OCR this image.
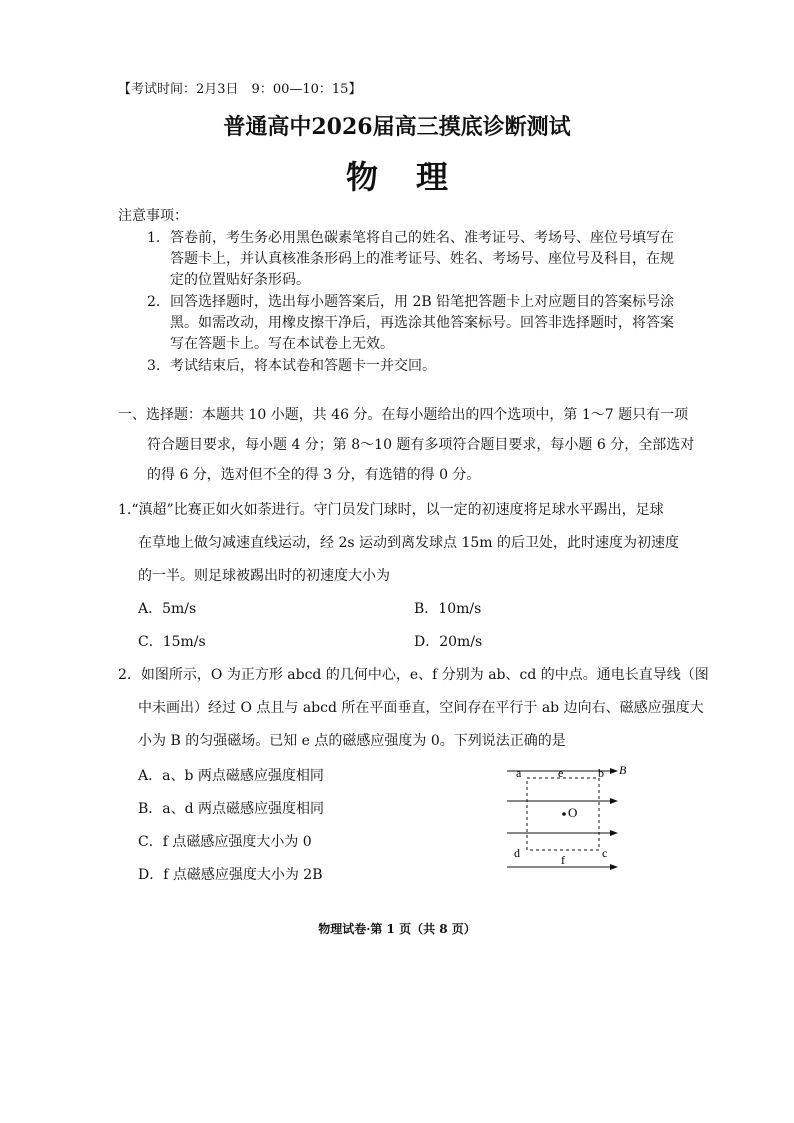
【考试时间：2月3日　9：00—10：15】
普通高中2026届高三摸底诊断测试
物理
注意事项：
1. 答卷前，考生务必用黑色碳素笔将自己的姓名、准考证号、考场号、座位号填写在
答题卡上，并认真核准条形码上的准考证号、姓名、考场号、座位号及科目，在规
定的位置贴好条形码。
2. 回答选择题时，选出每小题答案后，用 2B 铅笔把答题卡上对应题目的答案标号涂
黑。如需改动，用橡皮擦干净后，再选涂其他答案标号。回答非选择题时，将答案
写在答题卡上。写在本试卷上无效。
3. 考试结束后，将本试卷和答题卡一并交回。
一、选择题：本题共 10 小题，共 46 分。在每小题给出的四个选项中，第 1～7 题只有一项
符合题目要求，每小题 4 分；第 8～10 题有多项符合题目要求，每小题 6 分，全部选对
的得 6 分，选对但不全的得 3 分，有选错的得 0 分。
1.“滇超”比赛正如火如荼进行。守门员发门球时，以一定的初速度将足球水平踢出，足球
在草地上做匀减速直线运动，经 2s 运动到离发球点 15m 的后卫处，此时速度为初速度
的一半。则足球被踢出时的初速度大小为
A．5m/s	B．10m/s
C．15m/s	D．20m/s
2．如图所示，O 为正方形 abcd 的几何中心，e、f 分别为 ab、cd 的中点。通电长直导线（图
中未画出）经过 O 点且与 abcd 所在平面垂直，空间存在平行于 ab 边向右、磁感应强度大
小为 B 的匀强磁场。已知 e 点的磁感应强度为 0。下列说法正确的是
A．a、b 两点磁感应强度相同
B．a、d 两点磁感应强度相同
C．f 点磁感应强度大小为 0
D．f 点磁感应强度大小为 2B
a	e	b B
O
d	f	c
物理试卷·第 1 页（共 8 页）
